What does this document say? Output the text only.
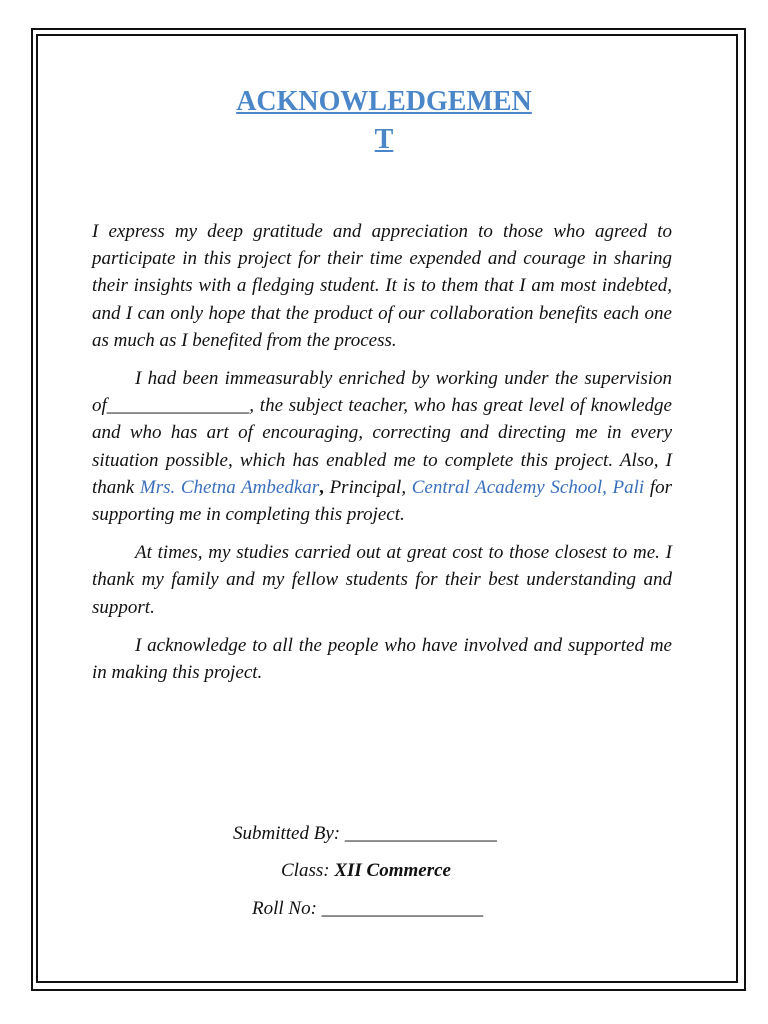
ACKNOWLEDGEMEN
T

I express my deep gratitude and appreciation to those who agreed to participate in this project for their time expended and courage in sharing their insights with a fledging student. It is to them that I am most indebted, and I can only hope that the product of our collaboration benefits each one as much as I benefited from the process.

I had been immeasurably enriched by working under the supervision of_______________, the subject teacher, who has great level of knowledge and who has art of encouraging, correcting and directing me in every situation possible, which has enabled me to complete this project. Also, I thank Mrs. Chetna Ambedkar, Principal, Central Academy School, Pali for supporting me in completing this project.

At times, my studies carried out at great cost to those closest to me. I thank my family and my fellow students for their best understanding and support.

I acknowledge to all the people who have involved and supported me in making this project.

Submitted By: ________________
Class: XII Commerce
Roll No: _________________
